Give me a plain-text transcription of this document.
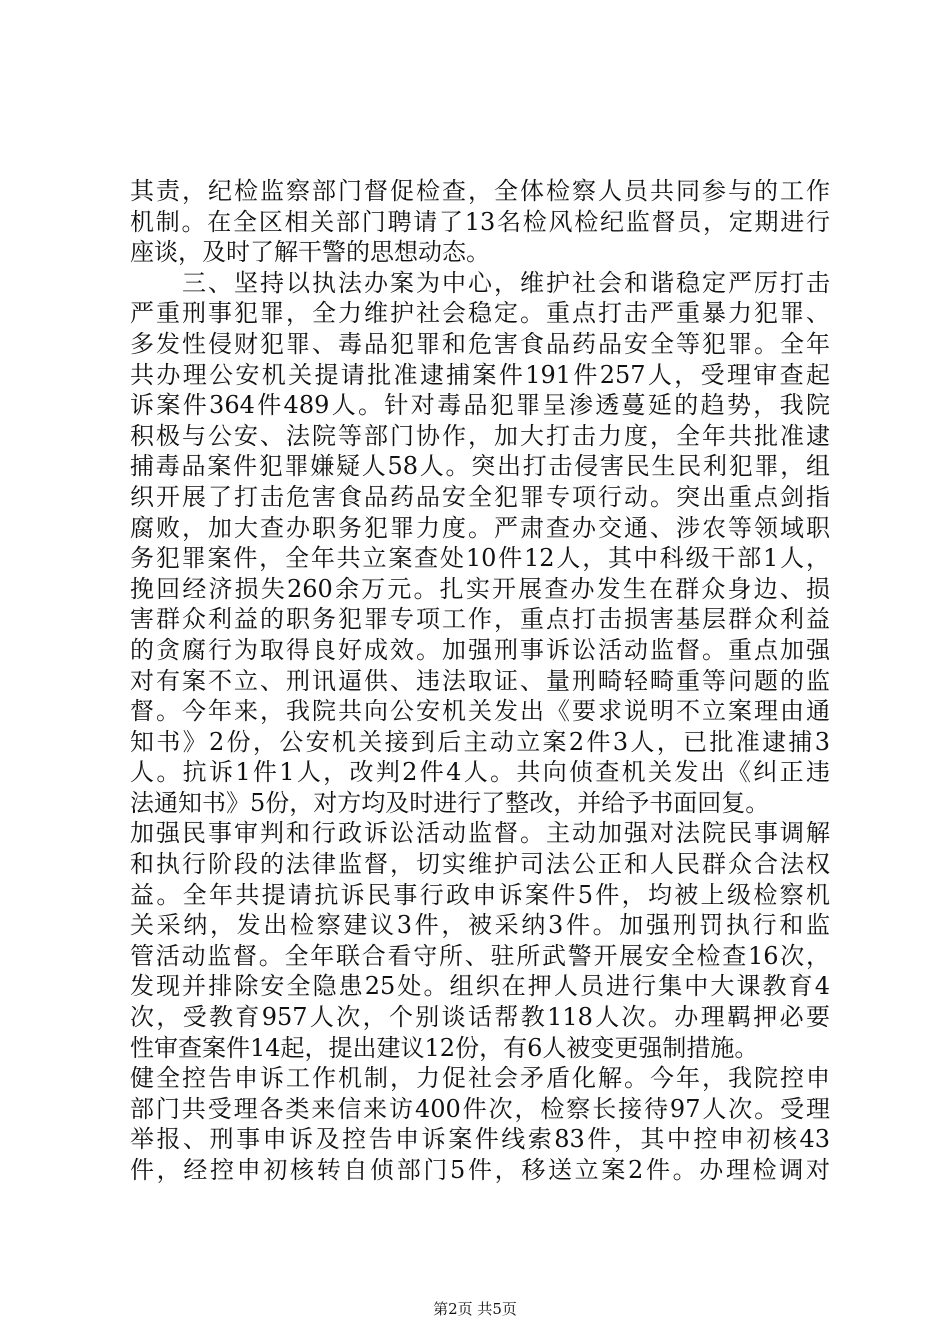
其责，纪检监察部门督促检查，全体检察人员共同参与的工作
机制。在全区相关部门聘请了13名检风检纪监督员，定期进行
座谈，及时了解干警的思想动态。
　　三、坚持以执法办案为中心，维护社会和谐稳定严厉打击
严重刑事犯罪，全力维护社会稳定。重点打击严重暴力犯罪、
多发性侵财犯罪、毒品犯罪和危害食品药品安全等犯罪。全年
共办理公安机关提请批准逮捕案件191件257人，受理审查起
诉案件364件489人。针对毒品犯罪呈渗透蔓延的趋势，我院
积极与公安、法院等部门协作，加大打击力度，全年共批准逮
捕毒品案件犯罪嫌疑人58人。突出打击侵害民生民利犯罪，组
织开展了打击危害食品药品安全犯罪专项行动。突出重点剑指
腐败，加大查办职务犯罪力度。严肃查办交通、涉农等领域职
务犯罪案件，全年共立案查处10件12人，其中科级干部1人，
挽回经济损失260余万元。扎实开展查办发生在群众身边、损
害群众利益的职务犯罪专项工作，重点打击损害基层群众利益
的贪腐行为取得良好成效。加强刑事诉讼活动监督。重点加强
对有案不立、刑讯逼供、违法取证、量刑畸轻畸重等问题的监
督。今年来，我院共向公安机关发出《要求说明不立案理由通
知书》2份，公安机关接到后主动立案2件3人，已批准逮捕3
人。抗诉1件1人，改判2件4人。共向侦查机关发出《纠正违
法通知书》5份，对方均及时进行了整改，并给予书面回复。
加强民事审判和行政诉讼活动监督。主动加强对法院民事调解
和执行阶段的法律监督，切实维护司法公正和人民群众合法权
益。全年共提请抗诉民事行政申诉案件5件，均被上级检察机
关采纳，发出检察建议3件，被采纳3件。加强刑罚执行和监
管活动监督。全年联合看守所、驻所武警开展安全检查16次，
发现并排除安全隐患25处。组织在押人员进行集中大课教育4
次，受教育957人次，个别谈话帮教118人次。办理羁押必要
性审查案件14起，提出建议12份，有6人被变更强制措施。
健全控告申诉工作机制，力促社会矛盾化解。今年，我院控申
部门共受理各类来信来访400件次，检察长接待97人次。受理
举报、刑事申诉及控告申诉案件线索83件，其中控申初核43
件，经控申初核转自侦部门5件，移送立案2件。办理检调对
第2页 共5页
